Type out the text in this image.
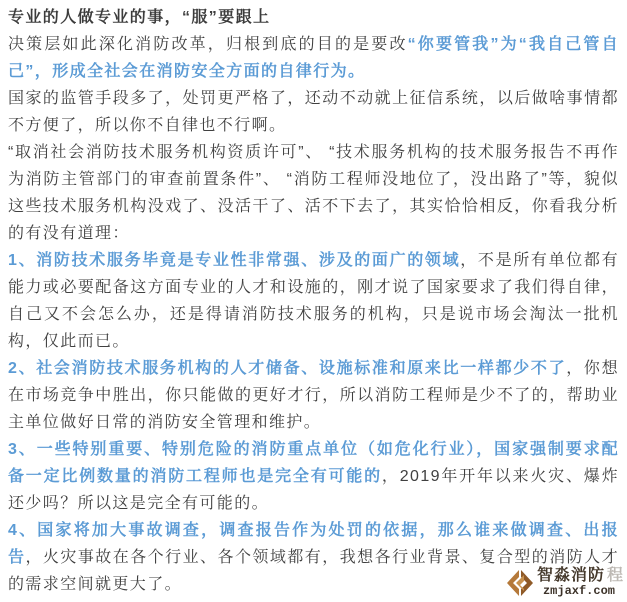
专业的人做专业的事，“服”要跟上

决策层如此深化消防改革，归根到底的目的是要改“你要管我”为“我自己管自己”，形成全社会在消防安全方面的自律行为。

国家的监管手段多了，处罚更严格了，还动不动就上征信系统，以后做啥事情都不方便了，所以你不自律也不行啊。

“取消社会消防技术服务机构资质许可”、 “技术服务机构的技术服务报告不再作为消防主管部门的审查前置条件”、 “消防工程师没地位了，没出路了”等，貌似这些技术服务机构没戏了、没活干了、活不下去了，其实恰恰相反，你看我分析的有没有道理：

1、消防技术服务毕竟是专业性非常强、涉及的面广的领域，不是所有单位都有能力或必要配备这方面专业的人才和设施的，刚才说了国家要求了我们得自律，自己又不会怎么办，还是得请消防技术服务的机构，只是说市场会淘汰一批机构，仅此而已。

2、社会消防技术服务机构的人才储备、设施标准和原来比一样都少不了，你想在市场竞争中胜出，你只能做的更好才行，所以消防工程师是少不了的，帮助业主单位做好日常的消防安全管理和维护。

3、一些特别重要、特别危险的消防重点单位（如危化行业），国家强制要求配备一定比例数量的消防工程师也是完全有可能的，2019年开年以来火灾、爆炸还少吗？所以这是完全有可能的。

4、国家将加大事故调查，调查报告作为处罚的依据，那么谁来做调查、出报告，火灾事故在各个行业、各个领域都有，我想各行业背景、复合型的消防人才的需求空间就更大了。

智淼消防 程
zmjaxf.com
